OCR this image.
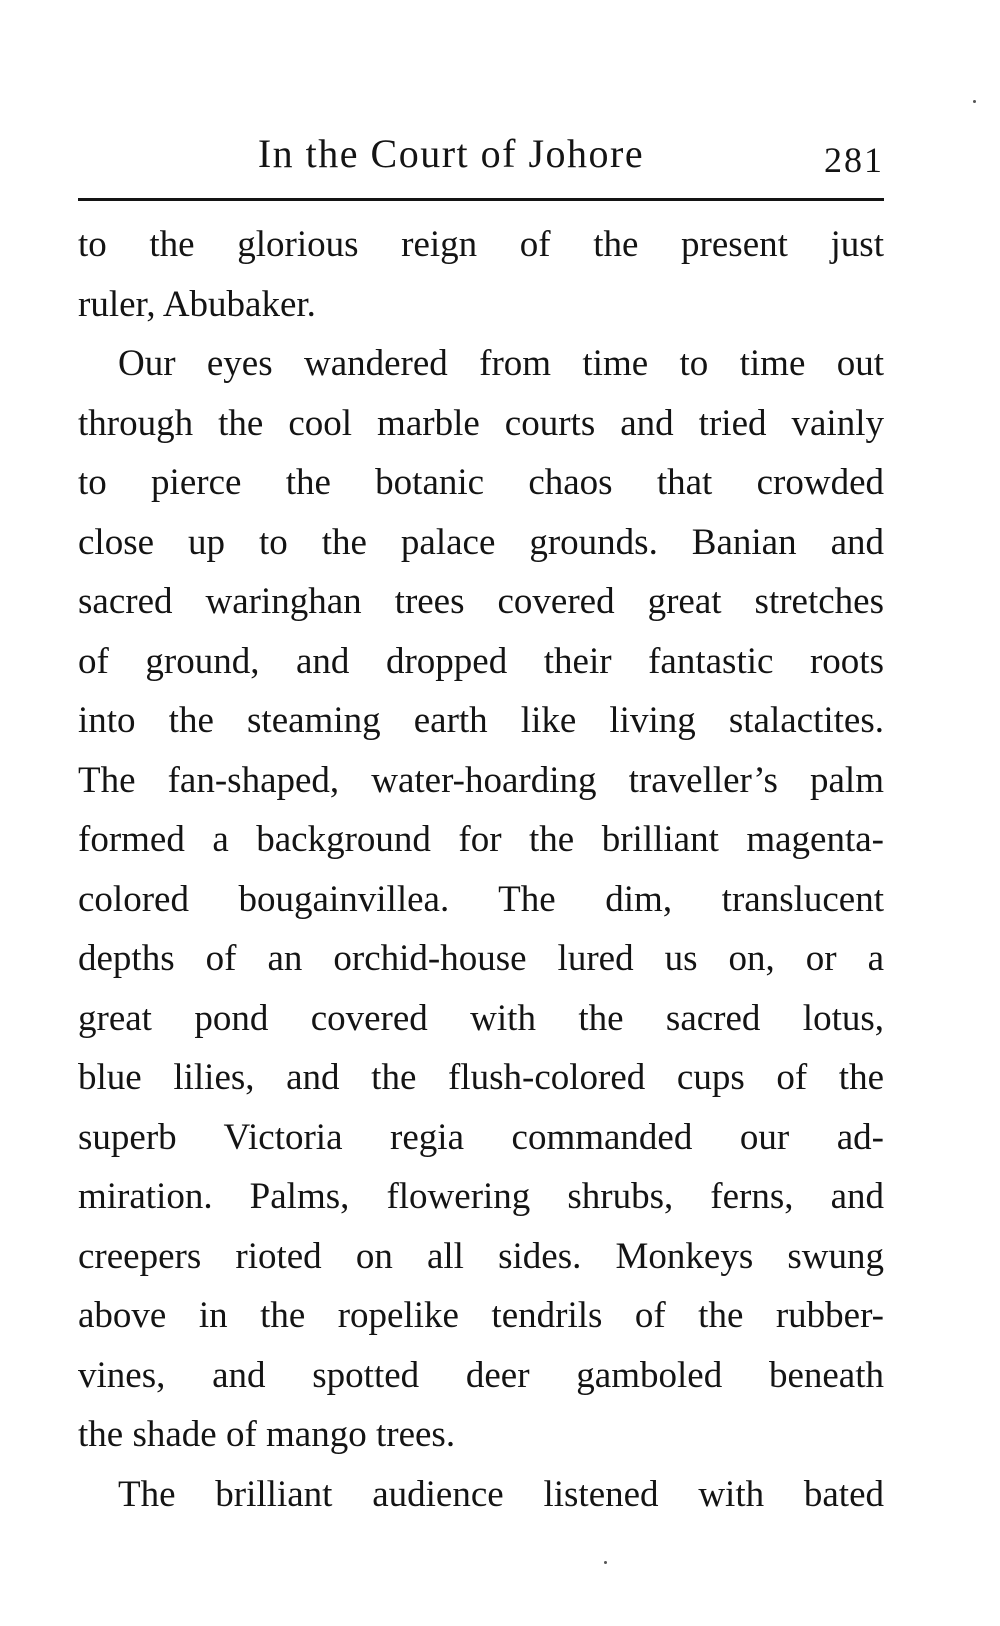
In the Court of Johore	281
to the glorious reign of the present just
ruler, Abubaker.
Our eyes wandered from time to time out
through the cool marble courts and tried vainly
to pierce the botanic chaos that crowded
close up to the palace grounds. Banian and
sacred waringhan trees covered great stretches
of ground, and dropped their fantastic roots
into the steaming earth like living stalactites.
The fan-shaped, water-hoarding traveller’s palm
formed a background for the brilliant magenta-
colored bougainvillea. The dim, translucent
depths of an orchid-house lured us on, or a
great pond covered with the sacred lotus,
blue lilies, and the flush-colored cups of the
superb Victoria regia commanded our ad-
miration. Palms, flowering shrubs, ferns, and
creepers rioted on all sides. Monkeys swung
above in the ropelike tendrils of the rubber-
vines, and spotted deer gamboled beneath
the shade of mango trees.
The brilliant audience listened with bated
